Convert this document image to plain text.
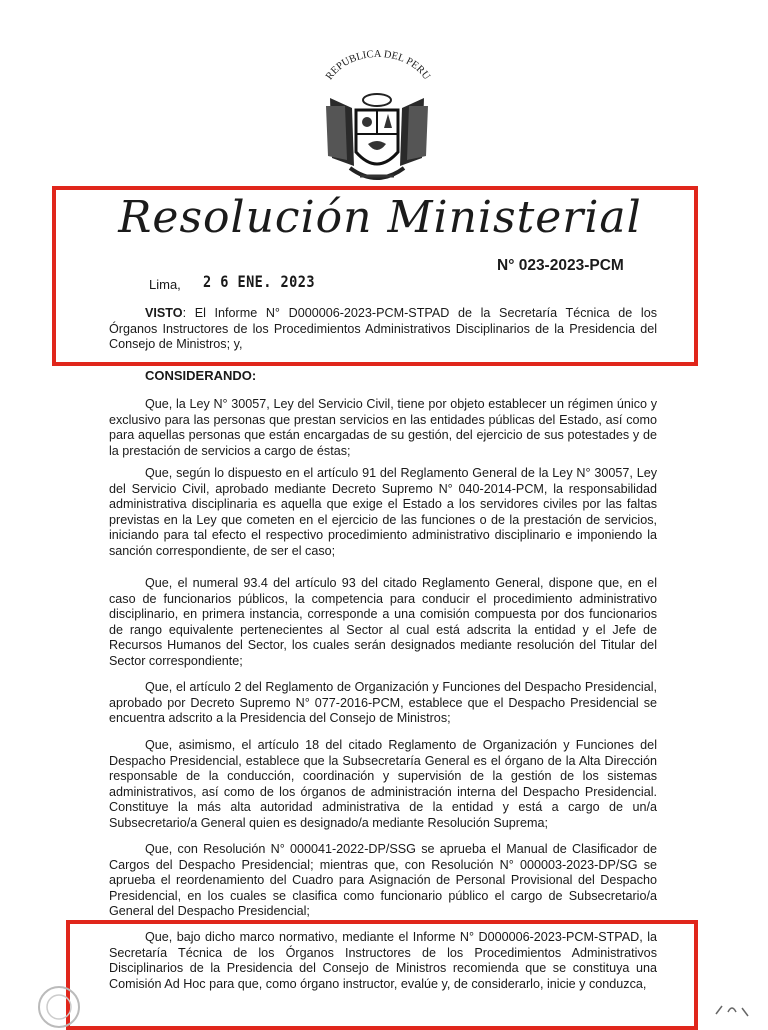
REPUBLICA DEL PERU
Resolución Ministerial
N° 023-2023-PCM
Lima, 2 6 ENE. 2023

VISTO: El Informe N° D000006-2023-PCM-STPAD de la Secretaría Técnica de los Órganos Instructores de los Procedimientos Administrativos Disciplinarios de la Presidencia del Consejo de Ministros; y,

CONSIDERANDO:

Que, la Ley N° 30057, Ley del Servicio Civil, tiene por objeto establecer un régimen único y exclusivo para las personas que prestan servicios en las entidades públicas del Estado, así como para aquellas personas que están encargadas de su gestión, del ejercicio de sus potestades y de la prestación de servicios a cargo de éstas;

Que, según lo dispuesto en el artículo 91 del Reglamento General de la Ley N° 30057, Ley del Servicio Civil, aprobado mediante Decreto Supremo N° 040-2014-PCM, la responsabilidad administrativa disciplinaria es aquella que exige el Estado a los servidores civiles por las faltas previstas en la Ley que cometen en el ejercicio de las funciones o de la prestación de servicios, iniciando para tal efecto el respectivo procedimiento administrativo disciplinario e imponiendo la sanción correspondiente, de ser el caso;

Que, el numeral 93.4 del artículo 93 del citado Reglamento General, dispone que, en el caso de funcionarios públicos, la competencia para conducir el procedimiento administrativo disciplinario, en primera instancia, corresponde a una comisión compuesta por dos funcionarios de rango equivalente pertenecientes al Sector al cual está adscrita la entidad y el Jefe de Recursos Humanos del Sector, los cuales serán designados mediante resolución del Titular del Sector correspondiente;

Que, el artículo 2 del Reglamento de Organización y Funciones del Despacho Presidencial, aprobado por Decreto Supremo N° 077-2016-PCM, establece que el Despacho Presidencial se encuentra adscrito a la Presidencia del Consejo de Ministros;

Que, asimismo, el artículo 18 del citado Reglamento de Organización y Funciones del Despacho Presidencial, establece que la Subsecretaría General es el órgano de la Alta Dirección responsable de la conducción, coordinación y supervisión de la gestión de los sistemas administrativos, así como de los órganos de administración interna del Despacho Presidencial. Constituye la más alta autoridad administrativa de la entidad y está a cargo de un/a Subsecretario/a General quien es designado/a mediante Resolución Suprema;

Que, con Resolución N° 000041-2022-DP/SSG se aprueba el Manual de Clasificador de Cargos del Despacho Presidencial; mientras que, con Resolución N° 000003-2023-DP/SG se aprueba el reordenamiento del Cuadro para Asignación de Personal Provisional del Despacho Presidencial, en los cuales se clasifica como funcionario público el cargo de Subsecretario/a General del Despacho Presidencial;

Que, bajo dicho marco normativo, mediante el Informe N° D000006-2023-PCM-STPAD, la Secretaría Técnica de los Órganos Instructores de los Procedimientos Administrativos Disciplinarios de la Presidencia del Consejo de Ministros recomienda que se constituya una Comisión Ad Hoc para que, como órgano instructor, evalúe y, de considerarlo, inicie y conduzca,
